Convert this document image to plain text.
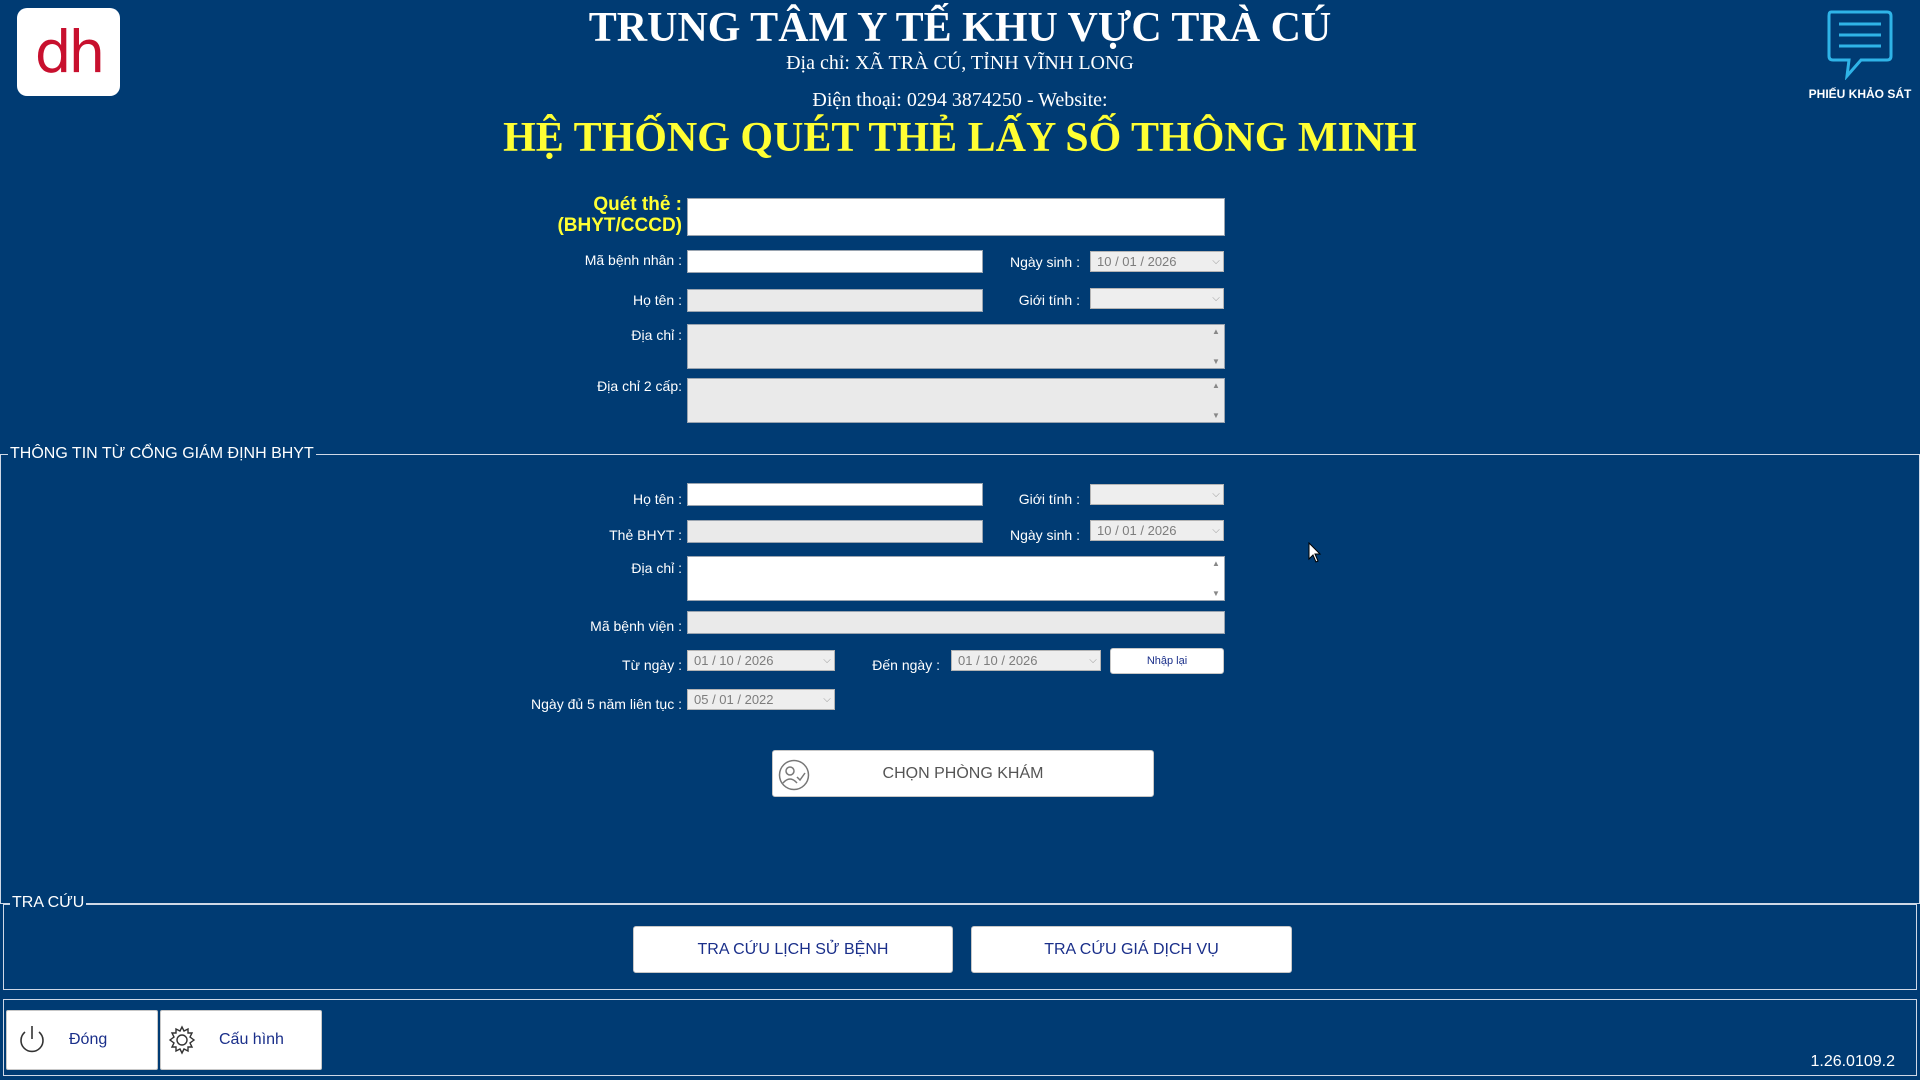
dh	TRUNG TÂM Y TẾ KHU VỰC TRÀ CÚ
Địa chỉ: XÃ TRÀ CÚ, TỈNH VĨNH LONG
Điện thoại: 0294 3874250 - Website:
HỆ THỐNG QUÉT THẺ LẤY SỐ THÔNG MINH
PHIẾU KHẢO SÁT
Quét thẻ :
(BHYT/CCCD)
Mã bệnh nhân :	Ngày sinh : 10 / 01 / 2026	⌵
Họ tên :	Giới tính :	⌵
Địa chỉ :	▲
▼
Địa chỉ 2 cấp:	▲
▼
THÔNG TIN TỪ CỔNG GIÁM ĐỊNH BHYT
Họ tên :	Giới tính :	⌵
Thẻ BHYT :	Ngày sinh : 10 / 01 / 2026	⌵
Địa chỉ :	▲
▼
Mã bệnh viện :
Từ ngày : 01 / 10 / 2026	⌵	Đến ngày : 01 / 10 / 2026	⌵	Nhập lại
Ngày đủ 5 năm liên tục : 05 / 01 / 2022	⌵
CHỌN PHÒNG KHÁM
TRA CỨU
TRA CỨU LỊCH SỬ BỆNH	TRA CỨU GIÁ DỊCH VỤ
Đóng	Cấu hình
1.26.0109.2
